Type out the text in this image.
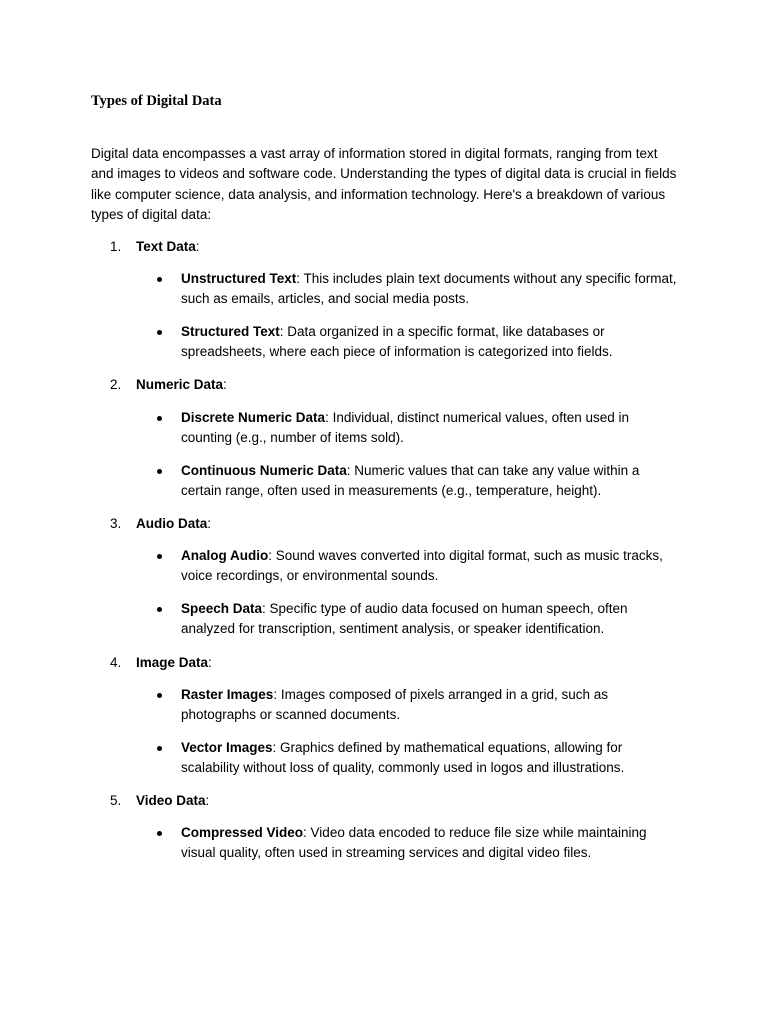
Types of Digital Data

Digital data encompasses a vast array of information stored in digital formats, ranging from text and images to videos and software code. Understanding the types of digital data is crucial in fields like computer science, data analysis, and information technology. Here's a breakdown of various types of digital data:

1. Text Data:

Unstructured Text: This includes plain text documents without any specific format, such as emails, articles, and social media posts.

Structured Text: Data organized in a specific format, like databases or spreadsheets, where each piece of information is categorized into fields.

2. Numeric Data:

Discrete Numeric Data: Individual, distinct numerical values, often used in counting (e.g., number of items sold).

Continuous Numeric Data: Numeric values that can take any value within a certain range, often used in measurements (e.g., temperature, height).

3. Audio Data:

Analog Audio: Sound waves converted into digital format, such as music tracks, voice recordings, or environmental sounds.

Speech Data: Specific type of audio data focused on human speech, often analyzed for transcription, sentiment analysis, or speaker identification.

4. Image Data:

Raster Images: Images composed of pixels arranged in a grid, such as photographs or scanned documents.

Vector Images: Graphics defined by mathematical equations, allowing for scalability without loss of quality, commonly used in logos and illustrations.

5. Video Data:

Compressed Video: Video data encoded to reduce file size while maintaining visual quality, often used in streaming services and digital video files.
